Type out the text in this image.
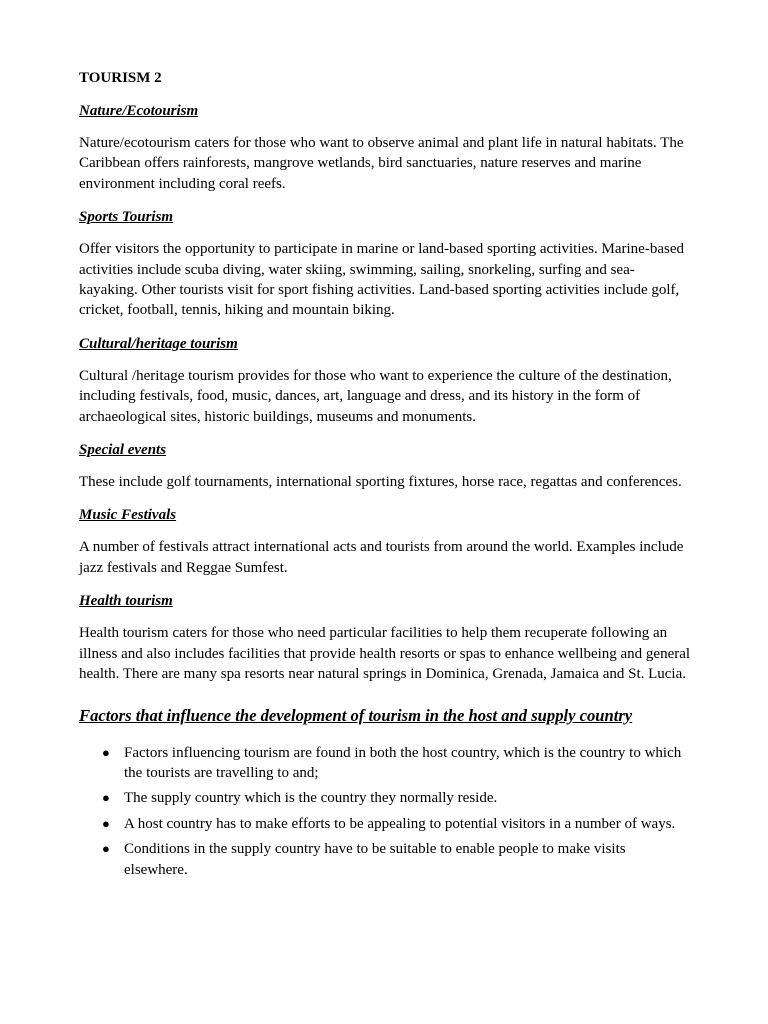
TOURISM 2
Nature/Ecotourism

Nature/ecotourism caters for those who want to observe animal and plant life in natural habitats. The Caribbean offers rainforests, mangrove wetlands, bird sanctuaries, nature reserves and marine environment including coral reefs.

Sports Tourism

Offer visitors the opportunity to participate in marine or land-based sporting activities. Marine-based activities include scuba diving, water skiing, swimming, sailing, snorkeling, surfing and sea-kayaking. Other tourists visit for sport fishing activities. Land-based sporting activities include golf, cricket, football, tennis, hiking and mountain biking.

Cultural/heritage tourism

Cultural /heritage tourism provides for those who want to experience the culture of the destination, including festivals, food, music, dances, art, language and dress, and its history in the form of archaeological sites, historic buildings, museums and monuments.

Special events

These include golf tournaments, international sporting fixtures, horse race, regattas and conferences.

Music Festivals

A number of festivals attract international acts and tourists from around the world. Examples include jazz festivals and Reggae Sumfest.

Health tourism

Health tourism caters for those who need particular facilities to help them recuperate following an illness and also includes facilities that provide health resorts or spas to enhance wellbeing and general health. There are many spa resorts near natural springs in Dominica, Grenada, Jamaica and St. Lucia.

Factors that influence the development of tourism in the host and supply country
● Factors influencing tourism are found in both the host country, which is the country to which the tourists are travelling to and;
● The supply country which is the country they normally reside.
● A host country has to make efforts to be appealing to potential visitors in a number of ways.
● Conditions in the supply country have to be suitable to enable people to make visits elsewhere.
